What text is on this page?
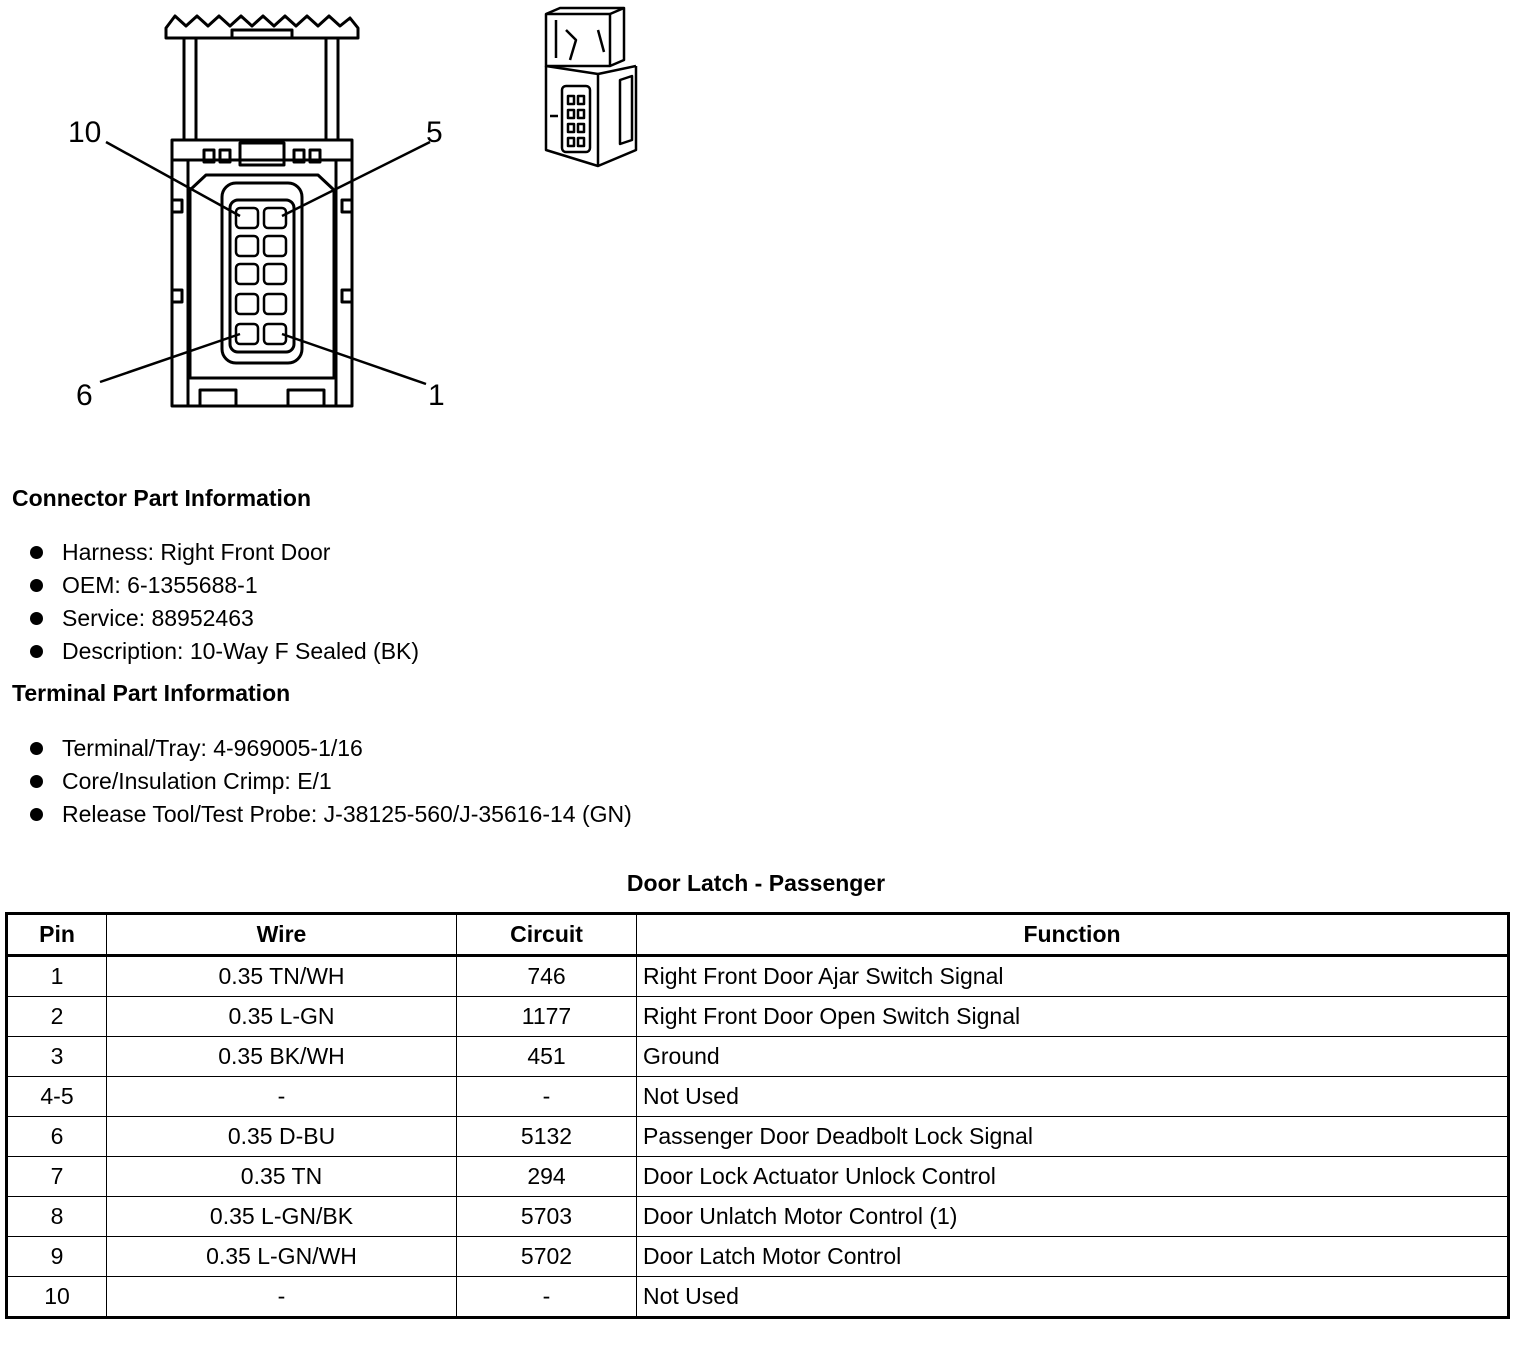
10	5
6	1
Connector Part Information
Harness: Right Front Door
OEM: 6-1355688-1
Service: 88952463
Description: 10-Way F Sealed (BK)
Terminal Part Information
Terminal/Tray: 4-969005-1/16
Core/Insulation Crimp: E/1
Release Tool/Test Probe: J-38125-560/J-35616-14 (GN)
Door Latch - Passenger
Pin	Wire	Circuit	Function
1	0.35 TN/WH	746	Right Front Door Ajar Switch Signal
2	0.35 L-GN	1177	Right Front Door Open Switch Signal
3	0.35 BK/WH	451	Ground
4-5	-	-	Not Used
6	0.35 D-BU	5132	Passenger Door Deadbolt Lock Signal
7	0.35 TN	294	Door Lock Actuator Unlock Control
8	0.35 L-GN/BK	5703	Door Unlatch Motor Control (1)
9	0.35 L-GN/WH	5702	Door Latch Motor Control
10	-	-	Not Used
